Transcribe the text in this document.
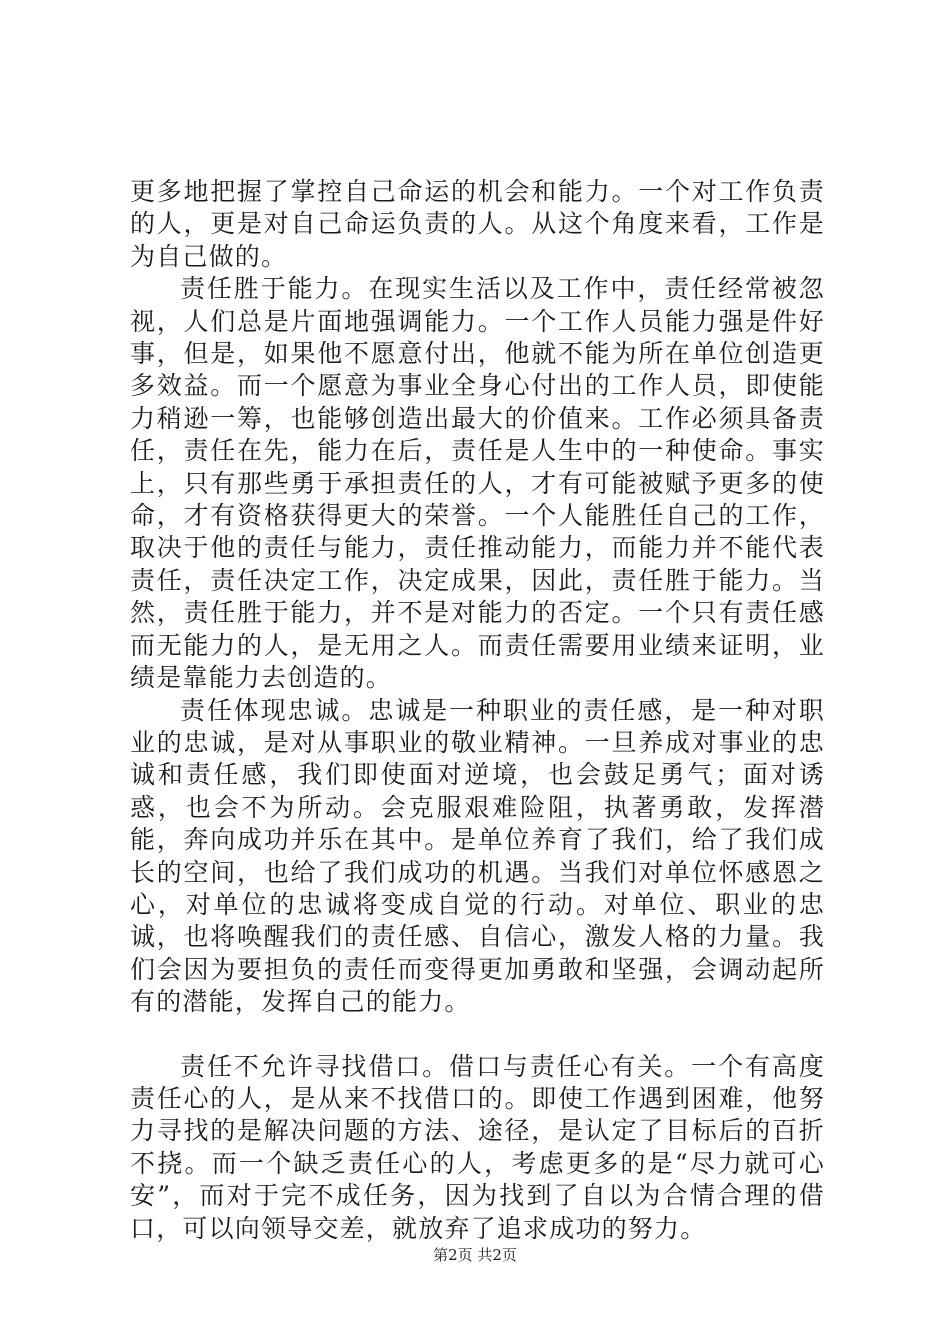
更多地把握了掌控自己命运的机会和能力。一个对工作负责的人，更是对自己命运负责的人。从这个角度来看，工作是为自己做的。

责任胜于能力。在现实生活以及工作中，责任经常被忽视，人们总是片面地强调能力。一个工作人员能力强是件好事，但是，如果他不愿意付出，他就不能为所在单位创造更多效益。而一个愿意为事业全身心付出的工作人员，即使能力稍逊一筹，也能够创造出最大的价值来。工作必须具备责任，责任在先，能力在后，责任是人生中的一种使命。事实上，只有那些勇于承担责任的人，才有可能被赋予更多的使命，才有资格获得更大的荣誉。一个人能胜任自己的工作，取决于他的责任与能力，责任推动能力，而能力并不能代表责任，责任决定工作，决定成果，因此，责任胜于能力。当然，责任胜于能力，并不是对能力的否定。一个只有责任感而无能力的人，是无用之人。而责任需要用业绩来证明，业绩是靠能力去创造的。

责任体现忠诚。忠诚是一种职业的责任感，是一种对职业的忠诚，是对从事职业的敬业精神。一旦养成对事业的忠诚和责任感，我们即使面对逆境，也会鼓足勇气；面对诱惑，也会不为所动。会克服艰难险阻，执著勇敢，发挥潜能，奔向成功并乐在其中。是单位养育了我们，给了我们成长的空间，也给了我们成功的机遇。当我们对单位怀感恩之心，对单位的忠诚将变成自觉的行动。对单位、职业的忠诚，也将唤醒我们的责任感、自信心，激发人格的力量。我们会因为要担负的责任而变得更加勇敢和坚强，会调动起所有的潜能，发挥自己的能力。

责任不允许寻找借口。借口与责任心有关。一个有高度责任心的人，是从来不找借口的。即使工作遇到困难，他努力寻找的是解决问题的方法、途径，是认定了目标后的百折不挠。而一个缺乏责任心的人，考虑更多的是“尽力就可心安”，而对于完不成任务，因为找到了自以为合情合理的借口，可以向领导交差，就放弃了追求成功的努力。

第2页 共2页
